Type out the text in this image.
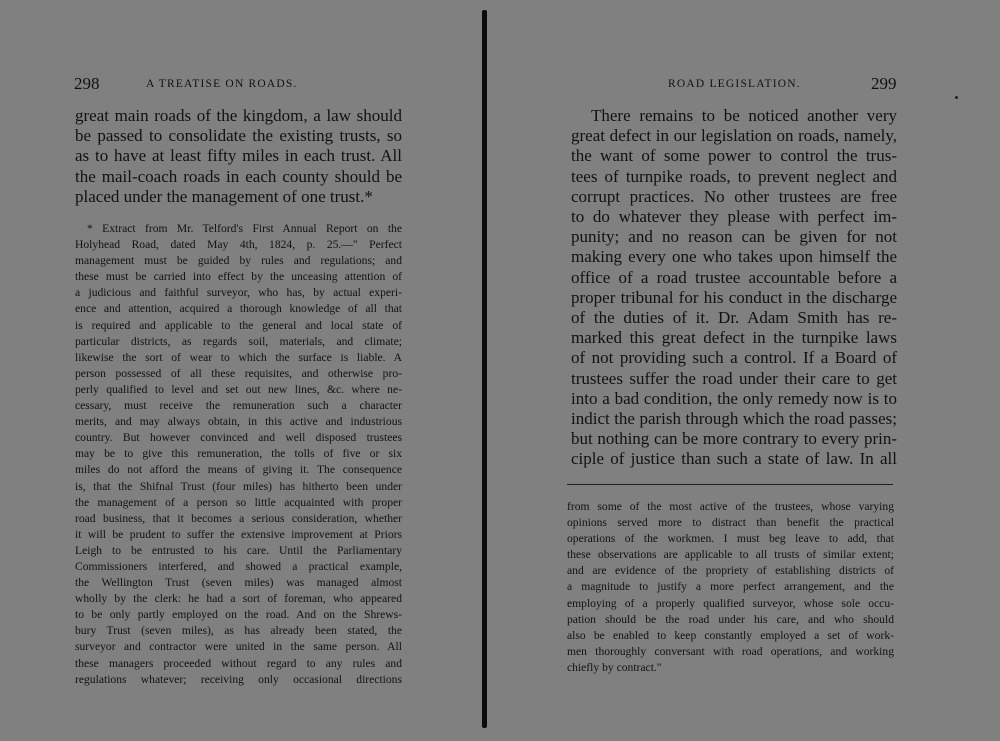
298	A TREATISE ON ROADS.
great main roads of the kingdom, a law should
be passed to consolidate the existing trusts, so
as to have at least fifty miles in each trust. All
the mail-coach roads in each county should be
placed under the management of one trust.*
* Extract from Mr. Telford's First Annual Report on the
Holyhead Road, dated May 4th, 1824, p. 25.—" Perfect
management must be guided by rules and regulations; and
these must be carried into effect by the unceasing attention of
a judicious and faithful surveyor, who has, by actual experi-
ence and attention, acquired a thorough knowledge of all that
is required and applicable to the general and local state of
particular districts, as regards soil, materials, and climate;
likewise the sort of wear to which the surface is liable. A
person possessed of all these requisites, and otherwise pro-
perly qualified to level and set out new lines, &c. where ne-
cessary, must receive the remuneration such a character
merits, and may always obtain, in this active and industrious
country. But however convinced and well disposed trustees
may be to give this remuneration, the tolls of five or six
miles do not afford the means of giving it. The consequence
is, that the Shifnal Trust (four miles) has hitherto been under
the management of a person so little acquainted with proper
road business, that it becomes a serious consideration, whether
it will be prudent to suffer the extensive improvement at Priors
Leigh to be entrusted to his care. Until the Parliamentary
Commissioners interfered, and showed a practical example,
the Wellington Trust (seven miles) was managed almost
wholly by the clerk: he had a sort of foreman, who appeared
to be only partly employed on the road. And on the Shrews-
bury Trust (seven miles), as has already been stated, the
surveyor and contractor were united in the same person. All
these managers proceeded without regard to any rules and
regulations whatever; receiving only occasional directions
ROAD LEGISLATION.	299
There remains to be noticed another very
great defect in our legislation on roads, namely,
the want of some power to control the trus-
tees of turnpike roads, to prevent neglect and
corrupt practices. No other trustees are free
to do whatever they please with perfect im-
punity; and no reason can be given for not
making every one who takes upon himself the
office of a road trustee accountable before a
proper tribunal for his conduct in the discharge
of the duties of it. Dr. Adam Smith has re-
marked this great defect in the turnpike laws
of not providing such a control. If a Board of
trustees suffer the road under their care to get
into a bad condition, the only remedy now is to
indict the parish through which the road passes;
but nothing can be more contrary to every prin-
ciple of justice than such a state of law. In all
from some of the most active of the trustees, whose varying
opinions served more to distract than benefit the practical
operations of the workmen. I must beg leave to add, that
these observations are applicable to all trusts of similar extent;
and are evidence of the propriety of establishing districts of
a magnitude to justify a more perfect arrangement, and the
employing of a properly qualified surveyor, whose sole occu-
pation should be the road under his care, and who should
also be enabled to keep constantly employed a set of work-
men thoroughly conversant with road operations, and working
chiefly by contract."
